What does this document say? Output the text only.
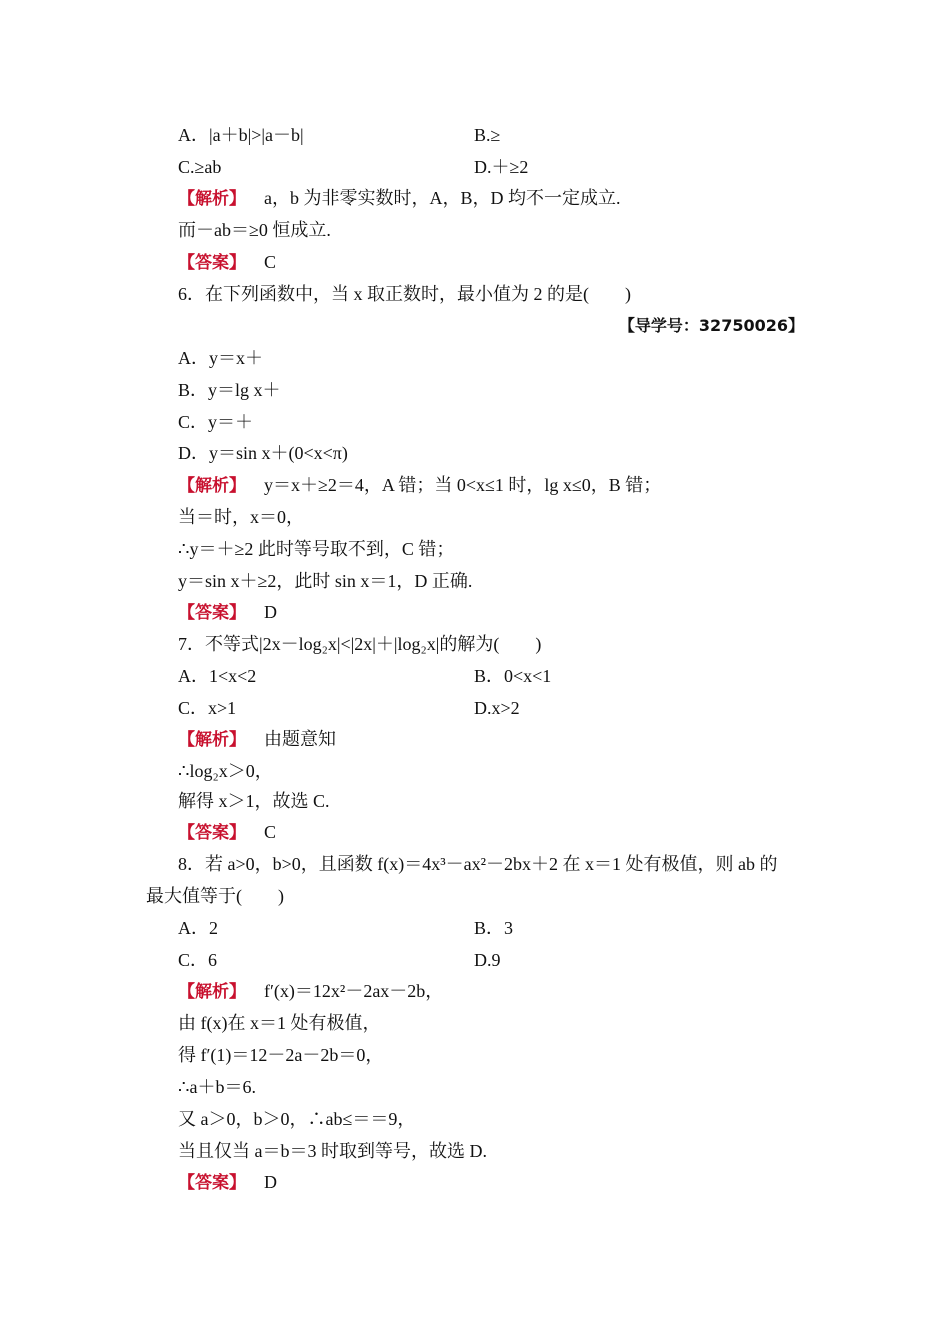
A．|a＋b|>|a－b|	B.≥
C.≥ab	D.＋≥2
【解析】 a，b 为非零实数时，A，B，D 均不一定成立.
而－ab＝≥0 恒成立.
【答案】 C
6．在下列函数中，当 x 取正数时，最小值为 2 的是(　　)
【导学号：32750026】
A．y＝x＋
B．y＝lg x＋
C．y＝＋
D．y＝sin x＋(0<x<π)
【解析】 y＝x＋≥2＝4，A 错；当 0<x≤1 时，lg x≤0，B 错；
当＝时，x＝0，
∴y＝＋≥2 此时等号取不到，C 错；
y＝sin x＋≥2，此时 sin x＝1，D 正确.
【答案】 D
7．不等式|2x－log₂x|<|2x|＋|log₂x|的解为(　　)
A．1<x<2	B．0<x<1
C．x>1	D.x>2
【解析】 由题意知
∴log₂x＞0，
解得 x＞1，故选 C.
【答案】 C
8．若 a>0，b>0，且函数 f(x)＝4x³－ax²－2bx＋2 在 x＝1 处有极值，则 ab 的
最大值等于(　　)
A．2	B．3
C．6	D.9
【解析】 f′(x)＝12x²－2ax－2b，
由 f(x)在 x＝1 处有极值，
得 f′(1)＝12－2a－2b＝0，
∴a＋b＝6.
又 a＞0，b＞0，∴ab≤＝＝9，
当且仅当 a＝b＝3 时取到等号，故选 D.
【答案】 D
